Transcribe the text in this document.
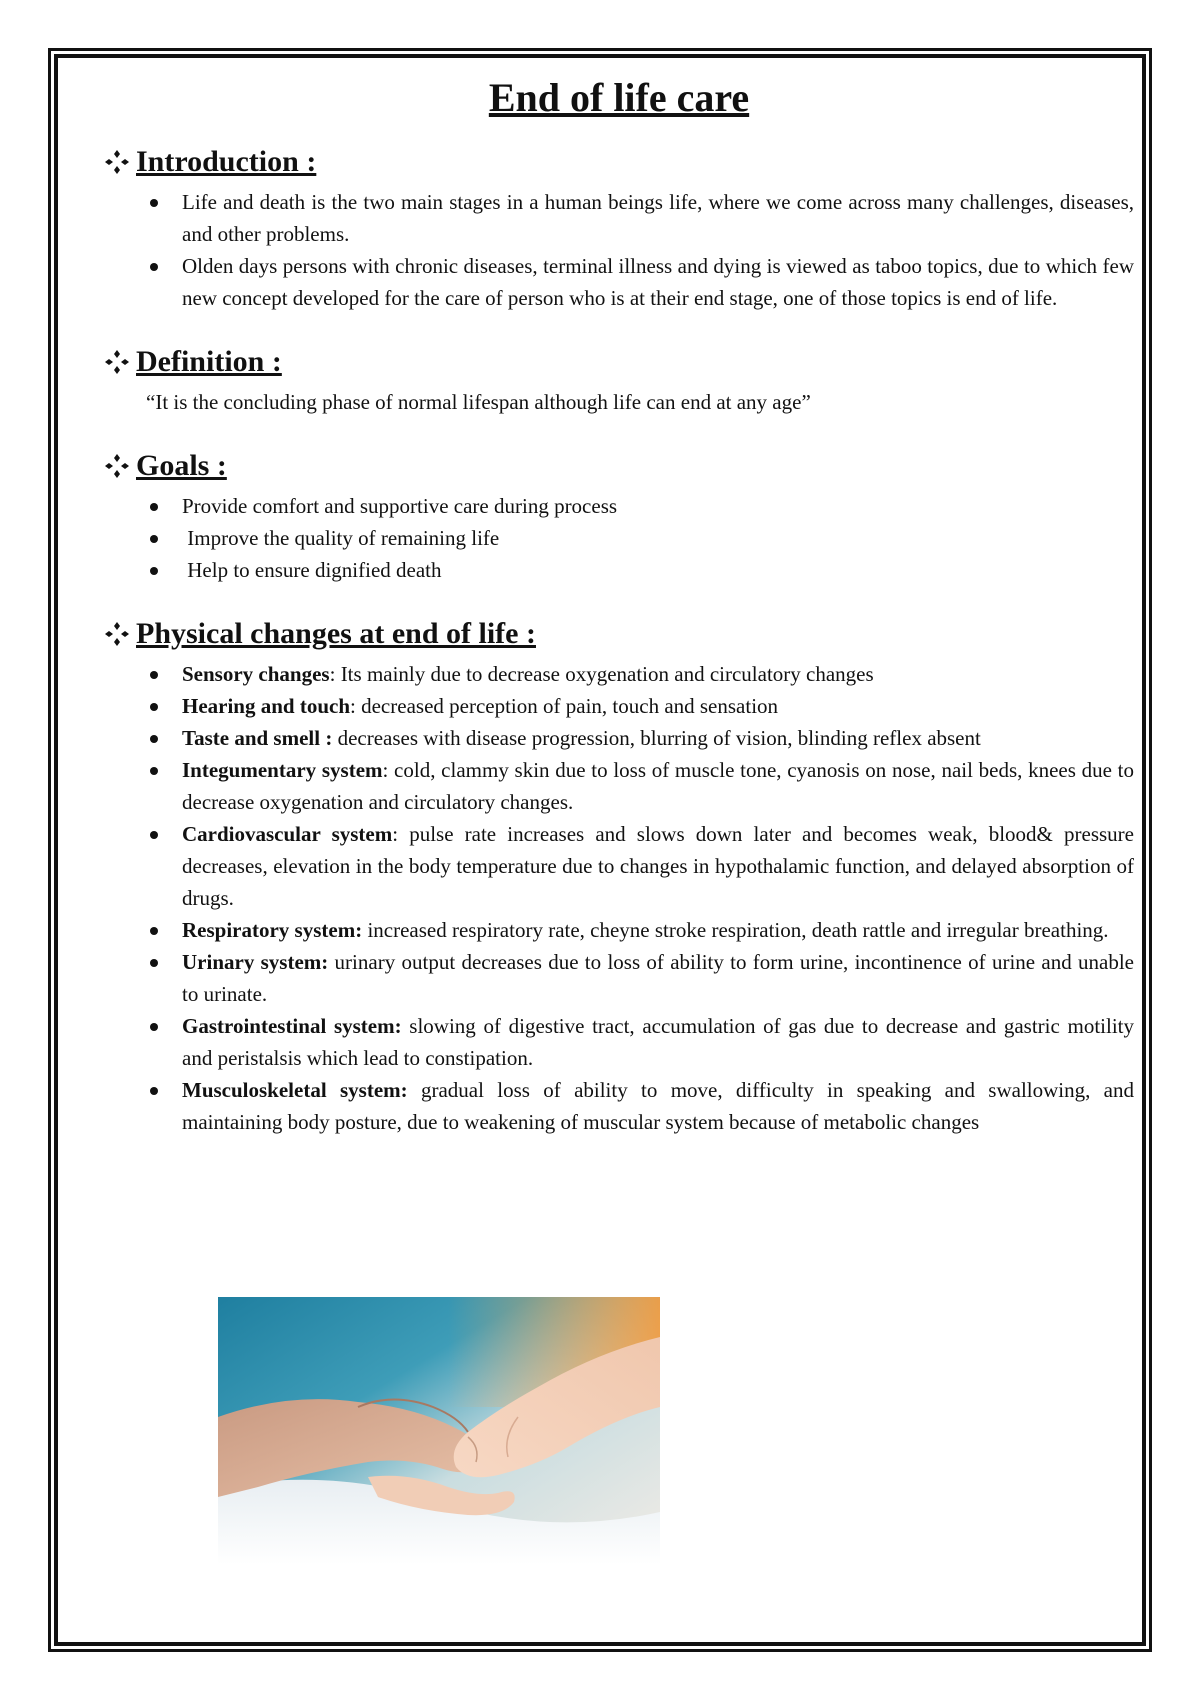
End of life care
Introduction :
Life and death is the two main stages in a human beings life, where we come across many challenges, diseases, and other problems.
Olden days persons with chronic diseases, terminal illness and dying is viewed as taboo topics, due to which few new concept developed for the care of person who is at their end stage, one of those topics is end of life.
Definition :

“It is the concluding phase of normal lifespan although life can end at any age”

Goals :
Provide comfort and supportive care during process
Improve the quality of remaining life
Help to ensure dignified death
Physical changes at end of life :
Sensory changes: Its mainly due to decrease oxygenation and circulatory changes
Hearing and touch: decreased perception of pain, touch and sensation
Taste and smell : decreases with disease progression, blurring of vision, blinding reflex absent
Integumentary system: cold, clammy skin due to loss of muscle tone, cyanosis on nose, nail beds, knees due to decrease oxygenation and circulatory changes.
Cardiovascular system: pulse rate increases and slows down later and becomes weak, blood& pressure decreases, elevation in the body temperature due to changes in hypothalamic function, and delayed absorption of drugs.
Respiratory system: increased respiratory rate, cheyne stroke respiration, death rattle and irregular breathing.
Urinary system: urinary output decreases due to loss of ability to form urine, incontinence of urine and unable to urinate.
Gastrointestinal system: slowing of digestive tract, accumulation of gas due to decrease and gastric motility and peristalsis which lead to constipation.
Musculoskeletal system: gradual loss of ability to move, difficulty in speaking and swallowing, and maintaining body posture, due to weakening of muscular system because of metabolic changes
